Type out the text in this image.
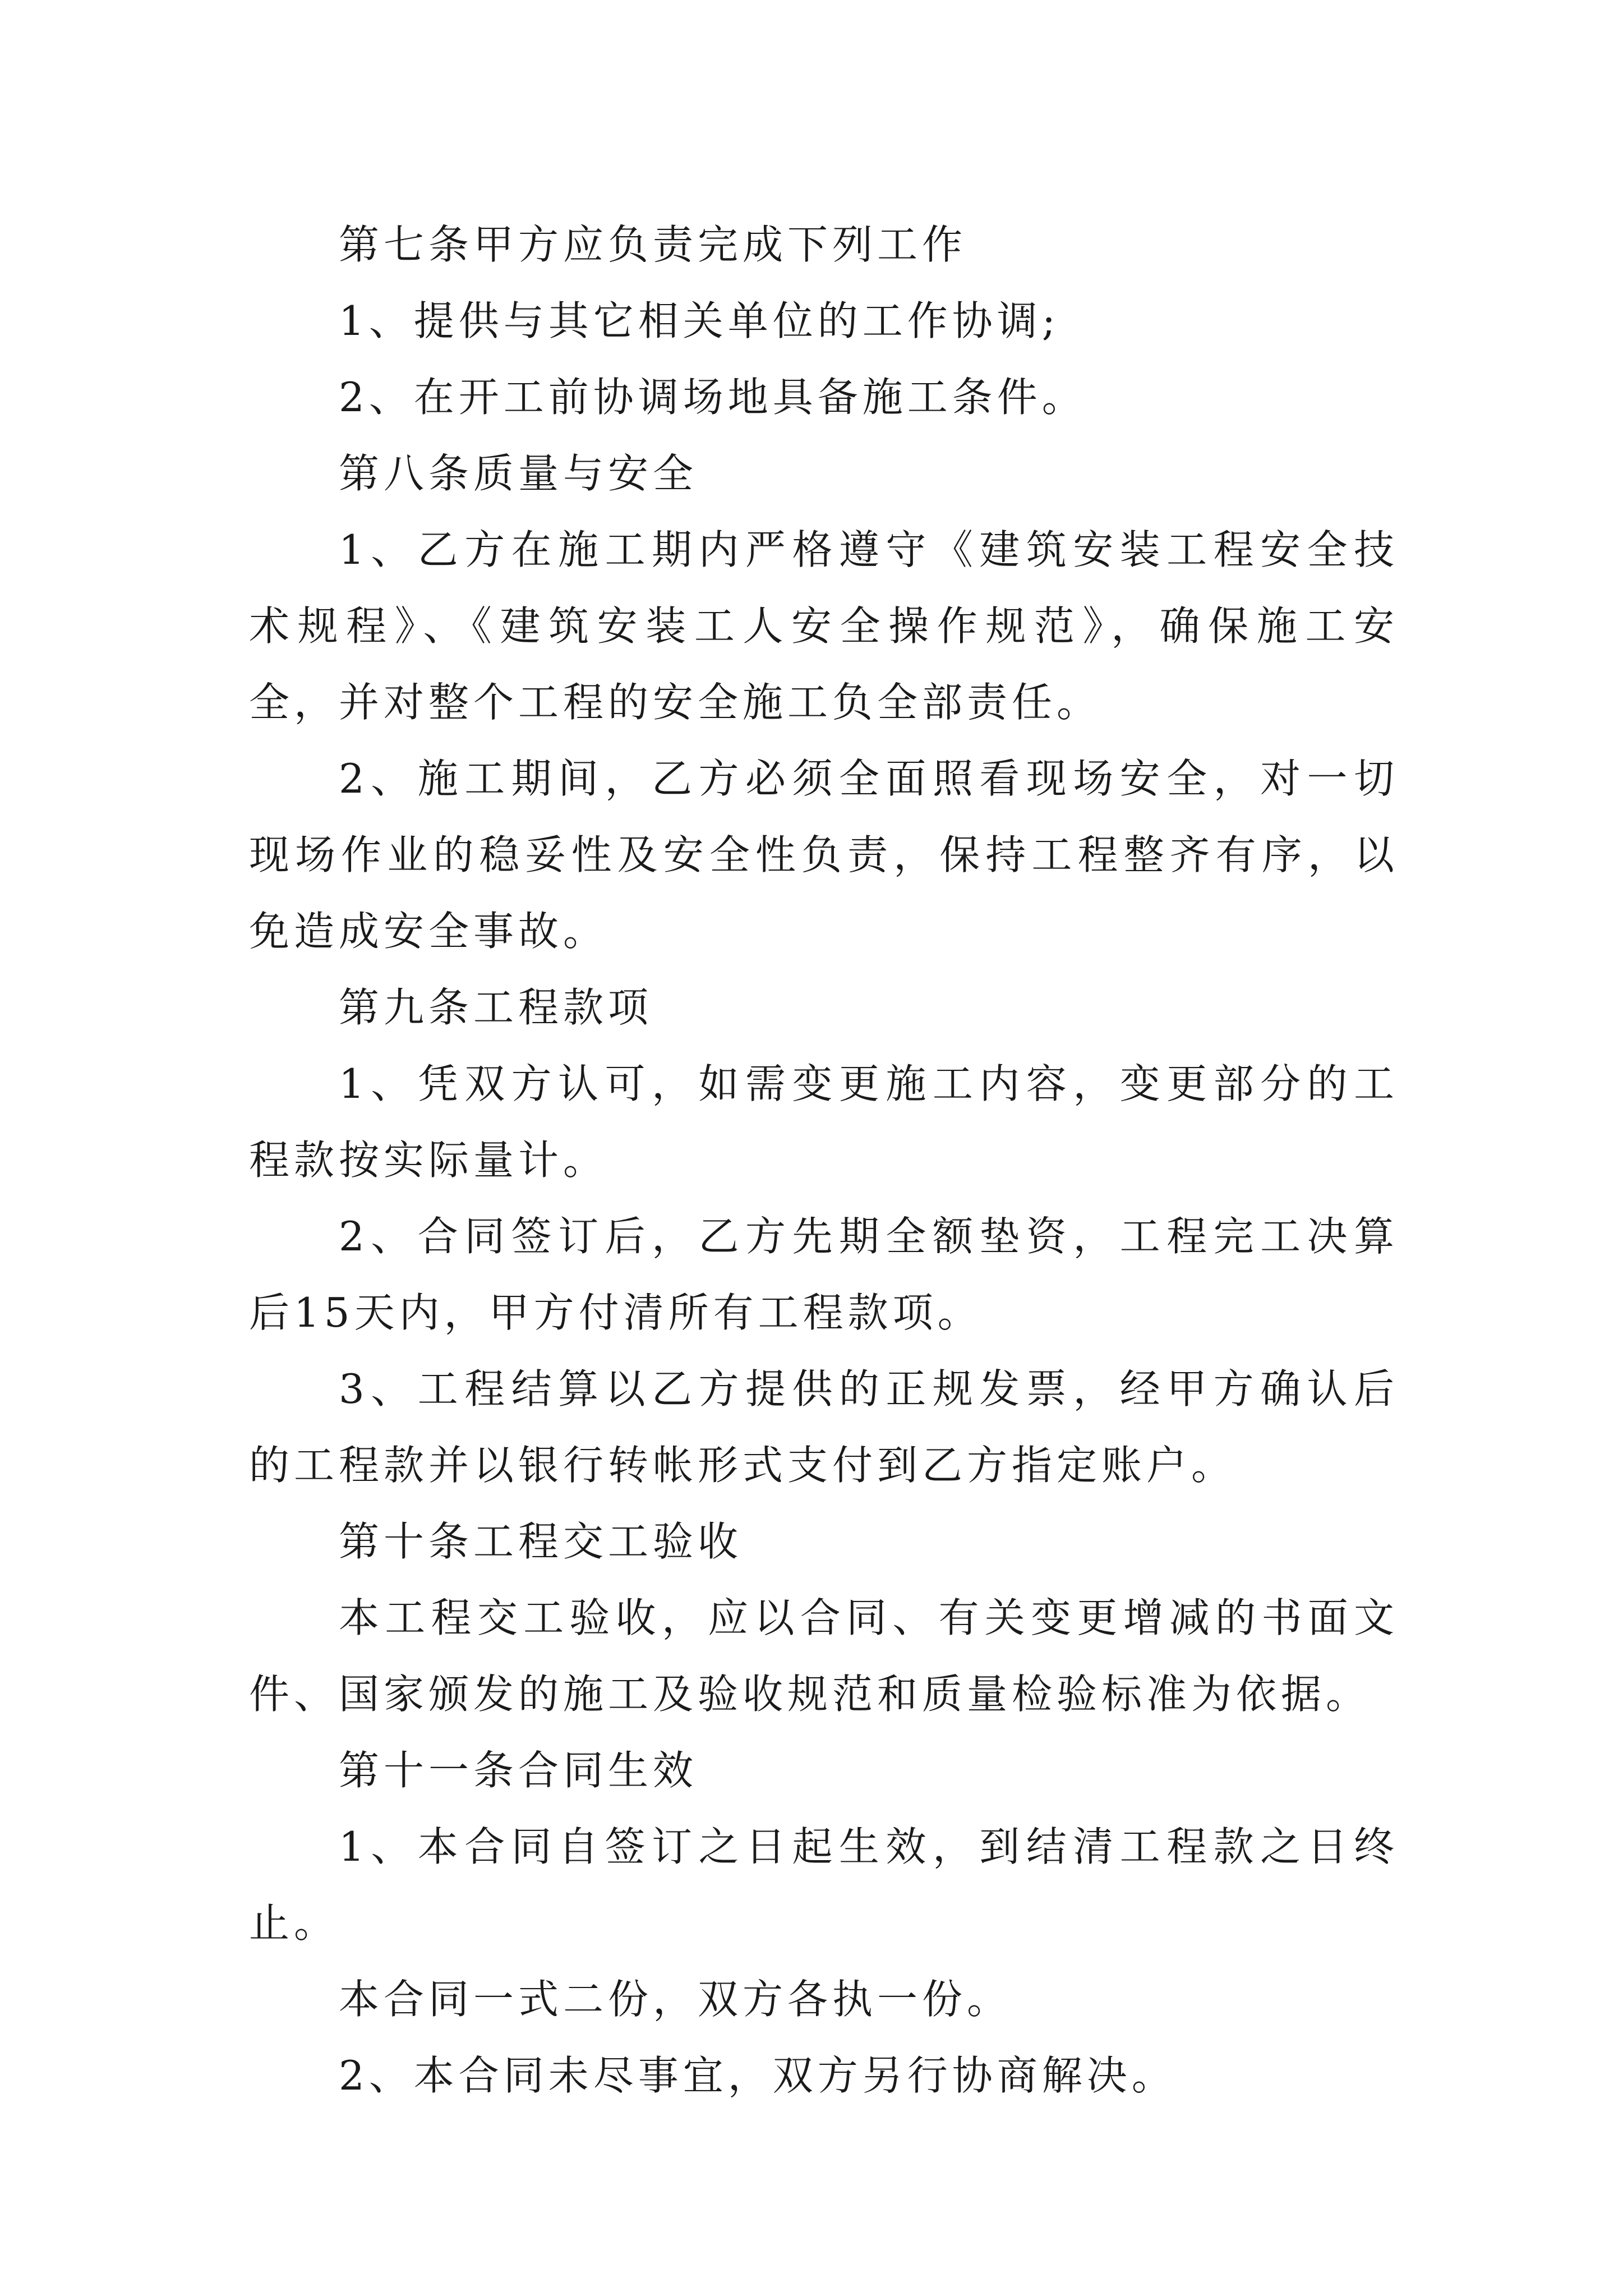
第七条甲方应负责完成下列工作

1、提供与其它相关单位的工作协调;

2、在开工前协调场地具备施工条件。

第八条质量与安全

1、乙方在施工期内严格遵守《建筑安装工程安全技术规程》、《建筑安装工人安全操作规范》，确保施工安全，并对整个工程的安全施工负全部责任。

2、施工期间，乙方必须全面照看现场安全，对一切现场作业的稳妥性及安全性负责，保持工程整齐有序，以免造成安全事故。

第九条工程款项

1、凭双方认可，如需变更施工内容，变更部分的工程款按实际量计。

2、合同签订后，乙方先期全额垫资，工程完工决算后15天内，甲方付清所有工程款项。

3、工程结算以乙方提供的正规发票，经甲方确认后的工程款并以银行转帐形式支付到乙方指定账户。

第十条工程交工验收

本工程交工验收，应以合同、有关变更增减的书面文件、国家颁发的施工及验收规范和质量检验标准为依据。

第十一条合同生效

1、本合同自签订之日起生效，到结清工程款之日终止。

本合同一式二份，双方各执一份。

2、本合同未尽事宜，双方另行协商解决。
